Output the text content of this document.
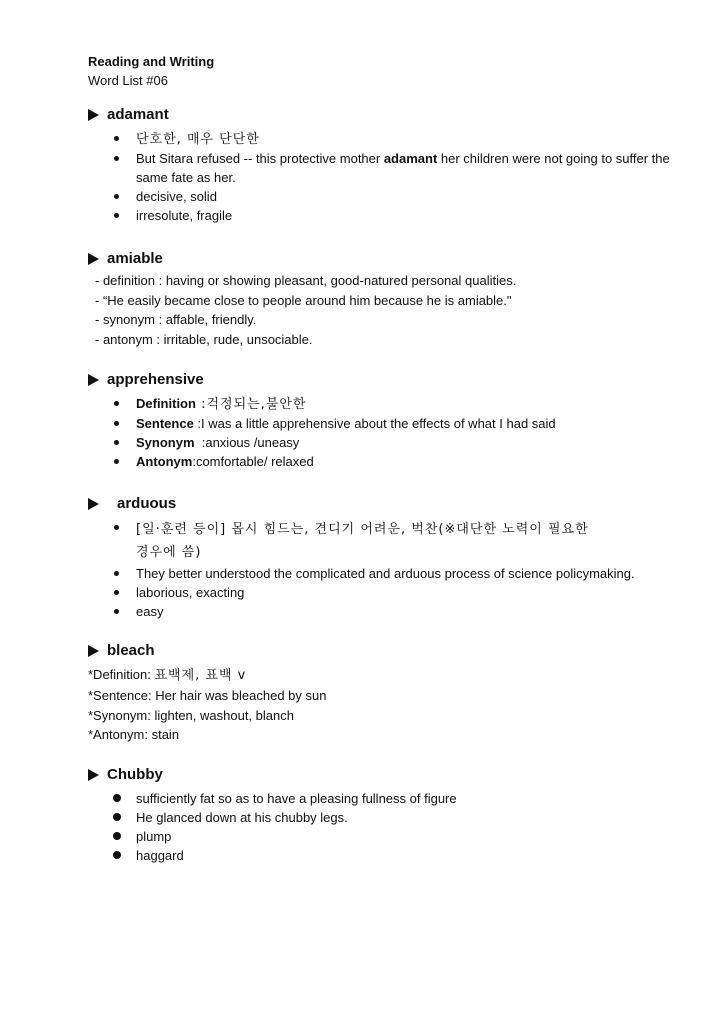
Reading and Writing
Word List #06
adamant
단호한, 매우 단단한
But Sitara refused -- this protective mother adamant her children were not going to suffer the same fate as her.
decisive, solid
irresolute, fragile
amiable
- definition : having or showing pleasant, good-natured personal qualities.
- “He easily became close to people around him because he is amiable."
- synonym : affable, friendly.
- antonym : irritable, rude, unsociable.
apprehensive
Definition :걱정되는,불안한
Sentence :I was a little apprehensive about the effects of what I had said
Synonym  :anxious /uneasy
Antonym:comfortable/ relaxed
arduous
[일·훈련 등이] 몹시 힘드는, 견디기 어려운, 벅찬(※대단한 노력이 필요한
경우에 씀)
They better understood the complicated and arduous process of science policymaking.
laborious, exacting
easy
bleach
*Definition: 표백제, 표백 v
*Sentence: Her hair was bleached by sun
*Synonym: lighten, washout, blanch
*Antonym: stain
Chubby
sufficiently fat so as to have a pleasing fullness of figure
He glanced down at his chubby legs.
plump
haggard
